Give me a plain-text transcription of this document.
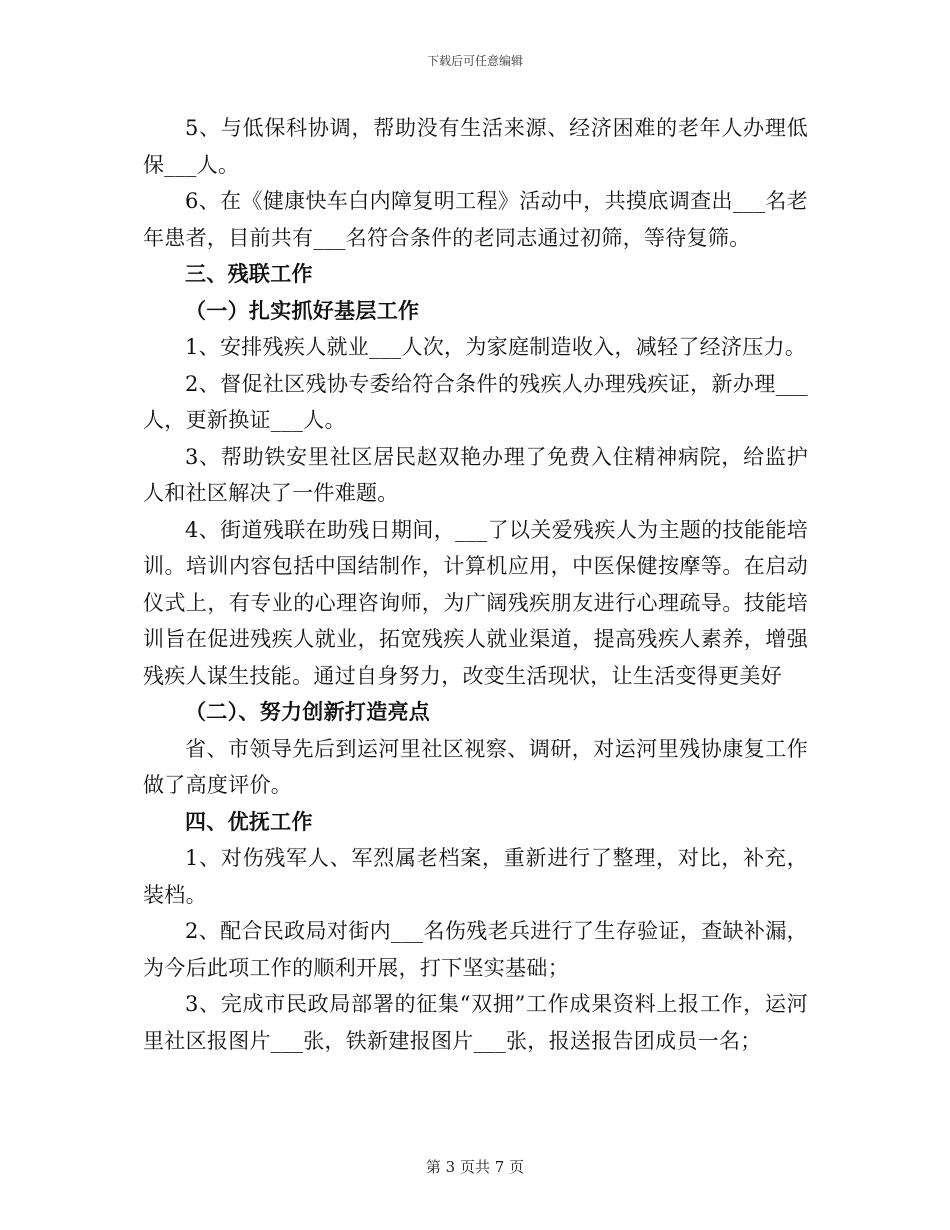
下载后可任意编辑

5、与低保科协调，帮助没有生活来源、经济困难的老年人办理低保___人。

6、在《健康快车白内障复明工程》活动中，共摸底调查出___名老年患者，目前共有___名符合条件的老同志通过初筛，等待复筛。

三、残联工作

（一）扎实抓好基层工作

1、安排残疾人就业___人次，为家庭制造收入，减轻了经济压力。

2、督促社区残协专委给符合条件的残疾人办理残疾证，新办理___人，更新换证___人。

3、帮助铁安里社区居民赵双艳办理了免费入住精神病院，给监护人和社区解决了一件难题。

4、街道残联在助残日期间，___了以关爱残疾人为主题的技能能培训。培训内容包括中国结制作，计算机应用，中医保健按摩等。在启动仪式上，有专业的心理咨询师，为广阔残疾朋友进行心理疏导。技能培训旨在促进残疾人就业，拓宽残疾人就业渠道，提高残疾人素养，增强残疾人谋生技能。通过自身努力，改变生活现状，让生活变得更美好

（二）、努力创新打造亮点

省、市领导先后到运河里社区视察、调研，对运河里残协康复工作做了高度评价。

四、优抚工作

1、对伤残军人、军烈属老档案，重新进行了整理，对比，补充，装档。

2、配合民政局对街内___名伤残老兵进行了生存验证，查缺补漏，为今后此项工作的顺利开展，打下坚实基础；

3、完成市民政局部署的征集“双拥”工作成果资料上报工作，运河里社区报图片___张，铁新建报图片___张，报送报告团成员一名；

第 3 页共 7 页
